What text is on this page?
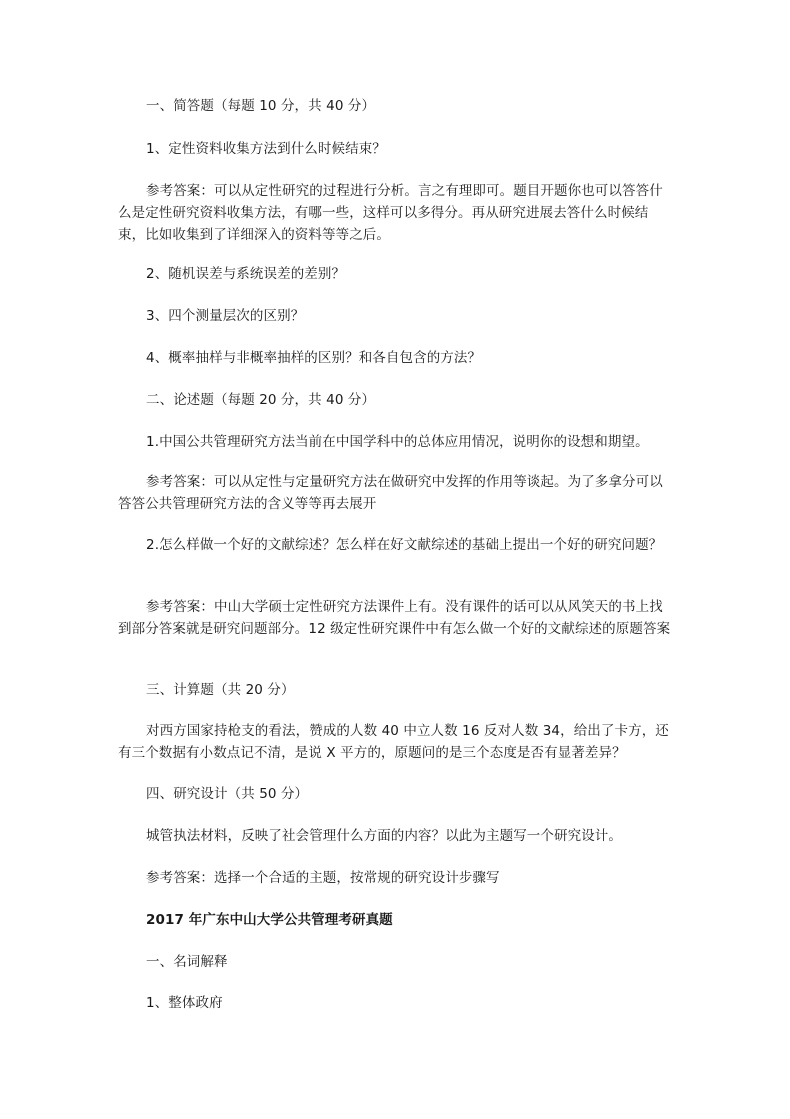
一、简答题（每题 10 分，共 40 分）

1、定性资料收集方法到什么时候结束？

参考答案：可以从定性研究的过程进行分析。言之有理即可。题目开题你也可以答答什么是定性研究资料收集方法，有哪一些，这样可以多得分。再从研究进展去答什么时候结束，比如收集到了详细深入的资料等等之后。

2、随机误差与系统误差的差别？

3、四个测量层次的区别？

4、概率抽样与非概率抽样的区别？和各自包含的方法？

二、论述题（每题 20 分，共 40 分）

1.中国公共管理研究方法当前在中国学科中的总体应用情况，说明你的设想和期望。

参考答案：可以从定性与定量研究方法在做研究中发挥的作用等谈起。为了多拿分可以答答公共管理研究方法的含义等等再去展开

2.怎么样做一个好的文献综述？怎么样在好文献综述的基础上提出一个好的研究问题？

参考答案：中山大学硕士定性研究方法课件上有。没有课件的话可以从风笑天的书上找到部分答案就是研究问题部分。12 级定性研究课件中有怎么做一个好的文献综述的原题答案

三、计算题（共 20 分）

对西方国家持枪支的看法，赞成的人数 40 中立人数 16 反对人数 34，给出了卡方，还有三个数据有小数点记不清，是说 X 平方的，原题问的是三个态度是否有显著差异？

四、研究设计（共 50 分）

城管执法材料，反映了社会管理什么方面的内容？以此为主题写一个研究设计。

参考答案：选择一个合适的主题，按常规的研究设计步骤写

2017 年广东中山大学公共管理考研真题

一、名词解释

1、整体政府
